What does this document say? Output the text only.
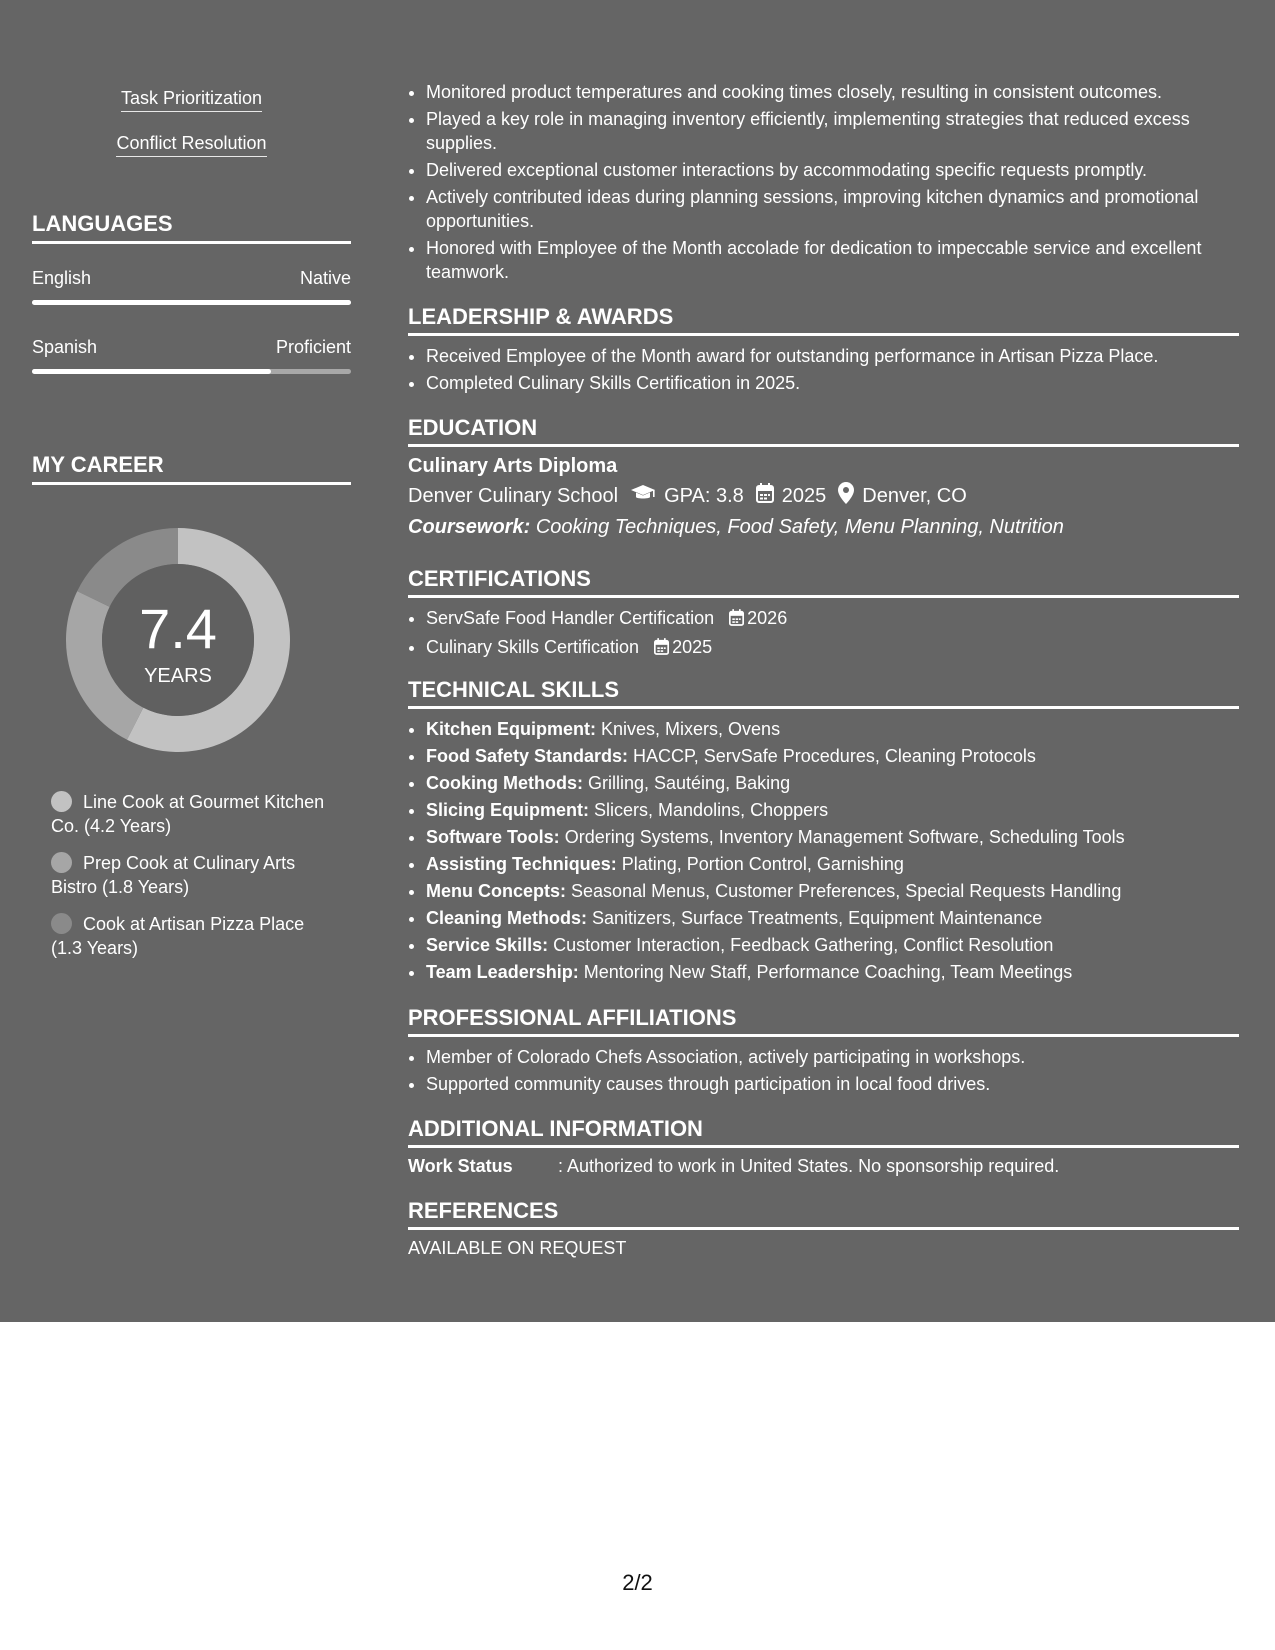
Task Prioritization
Conflict Resolution
LANGUAGES
English	Native
Spanish	Proficient
MY CAREER
7.4
YEARS
Line Cook at Gourmet Kitchen Co. (4.2 Years)
Prep Cook at Culinary Arts Bistro (1.8 Years)
Cook at Artisan Pizza Place (1.3 Years)
• Monitored product temperatures and cooking times closely, resulting in consistent outcomes.
• Played a key role in managing inventory efficiently, implementing strategies that reduced excess supplies.
• Delivered exceptional customer interactions by accommodating specific requests promptly.
• Actively contributed ideas during planning sessions, improving kitchen dynamics and promotional opportunities.
• Honored with Employee of the Month accolade for dedication to impeccable service and excellent teamwork.
LEADERSHIP & AWARDS
• Received Employee of the Month award for outstanding performance in Artisan Pizza Place.
• Completed Culinary Skills Certification in 2025.
EDUCATION
Culinary Arts Diploma
Denver Culinary School GPA: 3.8 2025 Denver, CO
Coursework: Cooking Techniques, Food Safety, Menu Planning, Nutrition
CERTIFICATIONS
• ServSafe Food Handler Certification 2026
• Culinary Skills Certification 2025
TECHNICAL SKILLS
• Kitchen Equipment: Knives, Mixers, Ovens
• Food Safety Standards: HACCP, ServSafe Procedures, Cleaning Protocols
• Cooking Methods: Grilling, Sautéing, Baking
• Slicing Equipment: Slicers, Mandolins, Choppers
• Software Tools: Ordering Systems, Inventory Management Software, Scheduling Tools
• Assisting Techniques: Plating, Portion Control, Garnishing
• Menu Concepts: Seasonal Menus, Customer Preferences, Special Requests Handling
• Cleaning Methods: Sanitizers, Surface Treatments, Equipment Maintenance
• Service Skills: Customer Interaction, Feedback Gathering, Conflict Resolution
• Team Leadership: Mentoring New Staff, Performance Coaching, Team Meetings
PROFESSIONAL AFFILIATIONS
• Member of Colorado Chefs Association, actively participating in workshops.
• Supported community causes through participation in local food drives.
ADDITIONAL INFORMATION
Work Status	: Authorized to work in United States. No sponsorship required.
REFERENCES
AVAILABLE ON REQUEST
2/2
